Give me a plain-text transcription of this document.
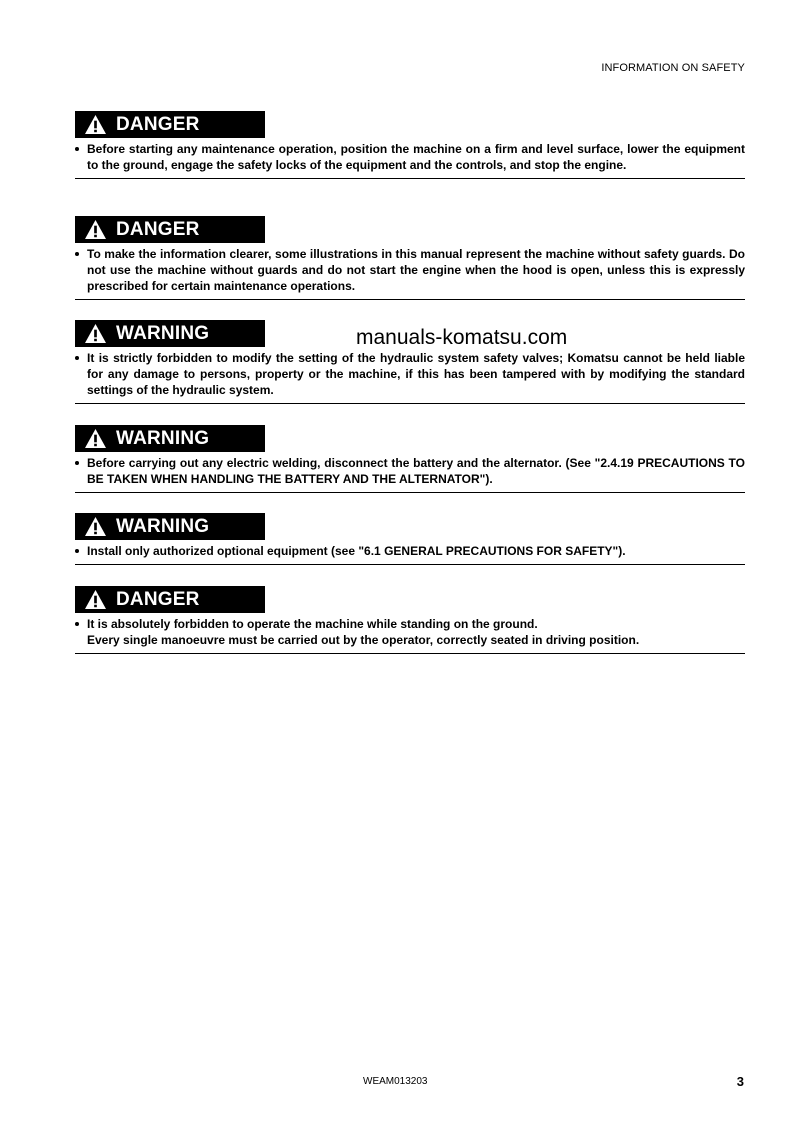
INFORMATION ON SAFETY
manuals-komatsu.com
DANGER
Before starting any maintenance operation, position the machine on a firm and level surface, lower the equipment to the ground, engage the safety locks of the equipment and the controls, and stop the engine.
DANGER
To make the information clearer, some illustrations in this manual represent the machine without safety guards. Do not use the machine without guards and do not start the engine when the hood is open, unless this is expressly prescribed for certain maintenance operations.
WARNING
It is strictly forbidden to modify the setting of the hydraulic system safety valves; Komatsu cannot be held liable for any damage to persons, property or the machine, if this has been tampered with by modifying the standard settings of the hydraulic system.
WARNING
Before carrying out any electric welding, disconnect the battery and the alternator. (See "2.4.19 PRECAUTIONS TO BE TAKEN WHEN HANDLING THE BATTERY AND THE ALTERNATOR").
WARNING
Install only authorized optional equipment (see "6.1 GENERAL PRECAUTIONS FOR SAFETY").
DANGER
It is absolutely forbidden to operate the machine while standing on the ground.
Every single manoeuvre must be carried out by the operator, correctly seated in driving position.
WEAM013203	3
